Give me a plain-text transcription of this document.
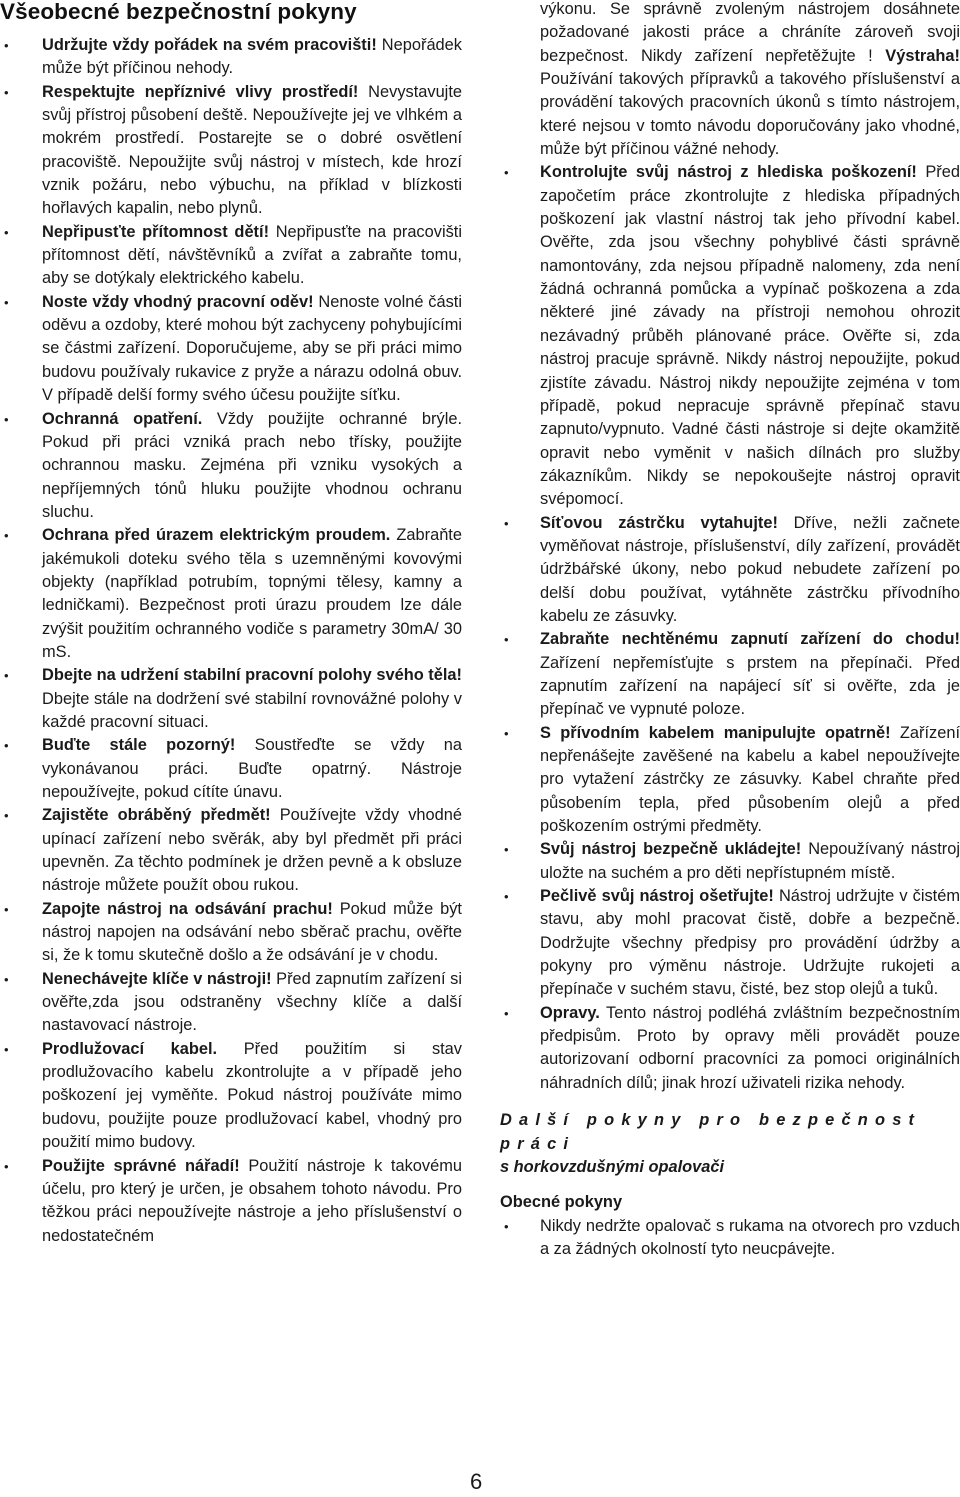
Všeobecné bezpečnostní pokyny
• Udržujte vždy pořádek na svém pracovišti! Nepořádek může být příčinou nehody.
• Respektujte nepříznivé vlivy prostředí! Nevystavujte svůj přístroj působení deště. Nepoužívejte jej ve vlhkém a mokrém prostředí. Postarejte se o dobré osvětlení pracoviště. Nepoužijte svůj nástroj v místech, kde hrozí vznik požáru, nebo výbuchu, na příklad v blízkosti hořlavých kapalin, nebo plynů.
• Nepřipusťte přítomnost dětí! Nepřipusťte na pracovišti přítomnost dětí, návštěvníků a zvířat a zabraňte tomu, aby se dotýkaly elektrického kabelu.
• Noste vždy vhodný pracovní oděv! Nenoste volné části oděvu a ozdoby, které mohou být zachyceny pohybujícími se částmi zařízení. Doporučujeme, aby se při práci mimo budovu používaly rukavice z pryže a nárazu odolná obuv. V případě delší formy svého účesu použijte síťku.
• Ochranná opatření. Vždy použijte ochranné brýle. Pokud při práci vzniká prach nebo třísky, použijte ochrannou masku. Zejména při vzniku vysokých a nepříjemných tónů hluku použijte vhodnou ochranu sluchu.
• Ochrana před úrazem elektrickým proudem. Zabraňte jakémukoli doteku svého těla s uzemněnými kovovými objekty (například potrubím, topnými tělesy, kamny a ledničkami). Bezpečnost proti úrazu proudem lze dále zvýšit použitím ochranného vodiče s parametry 30mA/ 30 mS.
• Dbejte na udržení stabilní pracovní polohy svého těla! Dbejte stále na dodržení své stabilní rovnovážné polohy v každé pracovní situaci.
• Buďte stále pozorný! Soustřeďte se vždy na vykonávanou práci. Buďte opatrný. Nástroje nepoužívejte, pokud cítíte únavu.
• Zajistěte obráběný předmět! Používejte vždy vhodné upínací zařízení nebo svěrák, aby byl předmět při práci upevněn. Za těchto podmínek je držen pevně a k obsluze nástroje můžete použít obou rukou.
• Zapojte nástroj na odsávání prachu! Pokud může být nástroj napojen na odsávání nebo sběrač prachu, ověřte si, že k tomu skutečně došlo a že odsávání je v chodu.
• Nenechávejte klíče v nástroji! Před zapnutím zařízení si ověřte,zda jsou odstraněny všechny klíče a další nastavovací nástroje.
• Prodlužovací kabel. Před použitím si stav prodlužovacího kabelu zkontrolujte a v případě jeho poškození jej vyměňte. Pokud nástroj používáte mimo budovu, použijte pouze prodlužovací kabel, vhodný pro použití mimo budovy.
• Použijte správné nářadí! Použití nástroje k takovému účelu, pro který je určen, je obsahem tohoto návodu. Pro těžkou práci nepoužívejte nástroje a jeho příslušenství o nedostatečném
výkonu. Se správně zvoleným nástrojem dosáhnete požadované jakosti práce a chráníte zároveň svoji bezpečnost. Nikdy zařízení nepřetěžujte ! Výstraha! Používání takových přípravků a takového příslušenství a provádění takových pracovních úkonů s tímto nástrojem, které nejsou v tomto návodu doporučovány jako vhodné, může být příčinou vážné nehody.
• Kontrolujte svůj nástroj z hlediska poškození! Před započetím práce zkontrolujte z hlediska případných poškození jak vlastní nástroj tak jeho přívodní kabel. Ověřte, zda jsou všechny pohyblivé části správně namontovány, zda nejsou případně nalomeny, zda není žádná ochranná pomůcka a vypínač poškozena a zda některé jiné závady na přístroji nemohou ohrozit nezávadný průběh plánované práce. Ověřte si, zda nástroj pracuje správně. Nikdy nástroj nepoužijte, pokud zjistíte závadu. Nástroj nikdy nepoužijte zejména v tom případě, pokud nepracuje správně přepínač stavu zapnuto/vypnuto. Vadné části nástroje si dejte okamžitě opravit nebo vyměnit v našich dílnách pro služby zákazníkům. Nikdy se nepokoušejte nástroj opravit svépomocí.
• Síťovou zástrčku vytahujte! Dříve, nežli začnete vyměňovat nástroje, příslušenství, díly zařízení, provádět údržbářské úkony, nebo pokud nebudete zařízení po delší dobu používat, vytáhněte zástrčku přívodního kabelu ze zásuvky.
• Zabraňte nechtěnému zapnutí zařízení do chodu! Zařízení nepřemísťujte s prstem na přepínači. Před zapnutím zařízení na napájecí síť si ověřte, zda je přepínač ve vypnuté poloze.
• S přívodním kabelem manipulujte opatrně! Zařízení nepřenášejte zavěšené na kabelu a kabel nepoužívejte pro vytažení zástrčky ze zásuvky. Kabel chraňte před působením tepla, před působením olejů a před poškozením ostrými předměty.
• Svůj nástroj bezpečně ukládejte! Nepoužívaný nástroj uložte na suchém a pro děti nepřístupném místě.
• Pečlivě svůj nástroj ošetřujte! Nástroj udržujte v čistém stavu, aby mohl pracovat čistě, dobře a bezpečně. Dodržujte všechny předpisy pro provádění údržby a pokyny pro výměnu nástroje. Udržujte rukojeti a přepínače v suchém stavu, čisté, bez stop olejů a tuků.
• Opravy. Tento nástroj podléhá zvláštním bezpečnostním předpisům. Proto by opravy měli provádět pouze autorizovaní odborní pracovníci za pomoci originálních náhradních dílů; jinak hrozí uživateli rizika nehody.
Další pokyny pro bezpečnost práci
s horkovzdušnými opalovači
Obecné pokyny
• Nikdy nedržte opalovač s rukama na otvorech pro vzduch a za žádných okolností tyto neucpávejte.
6
